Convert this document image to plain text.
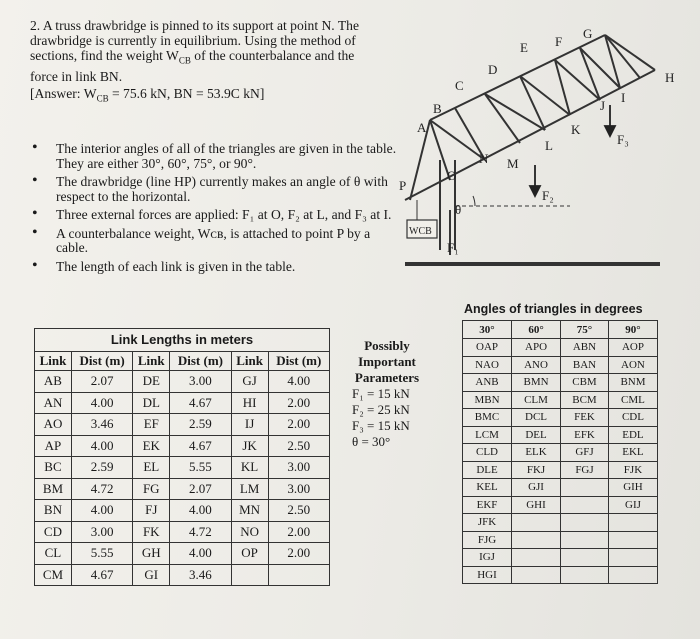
2. A truss drawbridge is pinned to its support at point N. The

drawbridge is currently in equilibrium. Using the method of

sections, find the weight $W_{CB}$ of the counterbalance and the

force in link BN.

[Answer: $W_{CB} = 75.6$ kN, BN = 53.9C kN]

• The interior angles of all of the triangles are given in the table. They are either 30°, 60°, 75°, or 90°.
• The drawbridge (line HP) currently makes an angle of θ with respect to the horizontal.
• Three external forces are applied: F₁ at O, F₂ at L, and F₃ at I.
• A counterbalance weight, Wᴄʙ, is attached to point P by a cable.
• The length of each link is given in the table.
A
B
C
D
E F
G
H
I
J
K
L
M
N
O
P
F₁
F₂
F₃
WCB
θ
Link Lengths in meters
Link	Dist (m)	Link	Dist (m)	Link	Dist (m)
AB	2.07	DE	3.00	GJ	4.00
AN	4.00	DL	4.67	HI	2.00
AO	3.46	EF	2.59	IJ	2.00
AP	4.00	EK	4.67	JK	2.50
BC	2.59	EL	5.55	KL	3.00
BM	4.72	FG	2.07	LM	3.00
BN	4.00	FJ	4.00	MN	2.50
CD	3.00	FK	4.72	NO	2.00
CL	5.55	GH	4.00	OP	2.00
CM	4.67	GI	3.46		
Possibly
Important
Parameters
F₁ = 15 kN
F₂ = 25 kN
F₃ = 15 kN
θ = 30°
Angles of triangles in degrees
30°	60°	75°	90°
OAP	APO	ABN	AOP
NAO	ANO	BAN	AON
ANB	BMN	CBM	BNM
MBN	CLM	BCM	CML
BMC	DCL	FEK	CDL
LCM	DEL	EFK	EDL
CLD	ELK	GFJ	EKL
DLE	FKJ	FGJ	FJK
KEL	GJI		GIH
EKF	GHI		GIJ
JFK			
FJG			
IGJ			
HGI			
